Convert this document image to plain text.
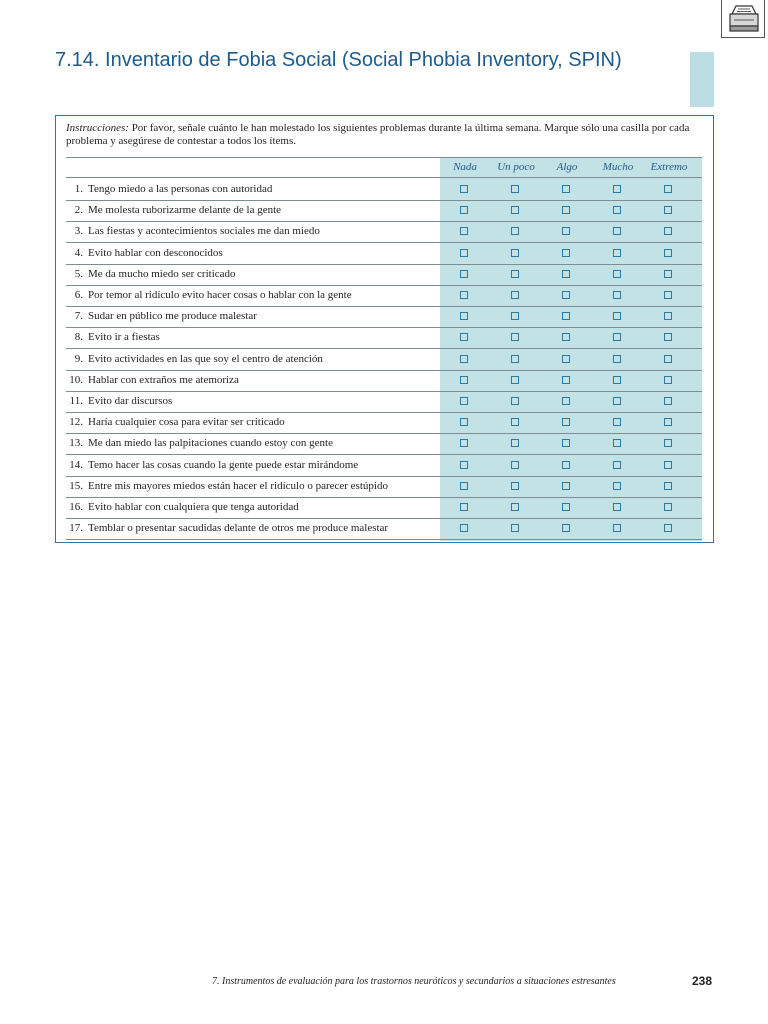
7.14. Inventario de Fobia Social (Social Phobia Inventory, SPIN)
Instrucciones: Por favor, señale cuánto le han molestado los siguientes problemas durante la última semana. Marque sólo una casilla por cada problema y asegúrese de contestar a todos los ítems.
Nada	Un poco	Algo	Mucho	Extremo
1. Tengo miedo a las personas con autoridad
2. Me molesta ruborizarme delante de la gente
3. Las fiestas y acontecimientos sociales me dan miedo
4. Evito hablar con desconocidos
5. Me da mucho miedo ser criticado
6. Por temor al ridículo evito hacer cosas o hablar con la gente
7. Sudar en público me produce malestar
8. Evito ir a fiestas
9. Evito actividades en las que soy el centro de atención
10. Hablar con extraños me atemoriza
11. Evito dar discursos
12. Haría cualquier cosa para evitar ser criticado
13. Me dan miedo las palpitaciones cuando estoy con gente
14. Temo hacer las cosas cuando la gente puede estar mirándome
15. Entre mis mayores miedos están hacer el ridículo o parecer estúpido
16. Evito hablar con cualquiera que tenga autoridad
17. Temblar o presentar sacudidas delante de otros me produce malestar
7. Instrumentos de evaluación para los trastornos neuróticos y secundarios a situaciones estresantes	238
